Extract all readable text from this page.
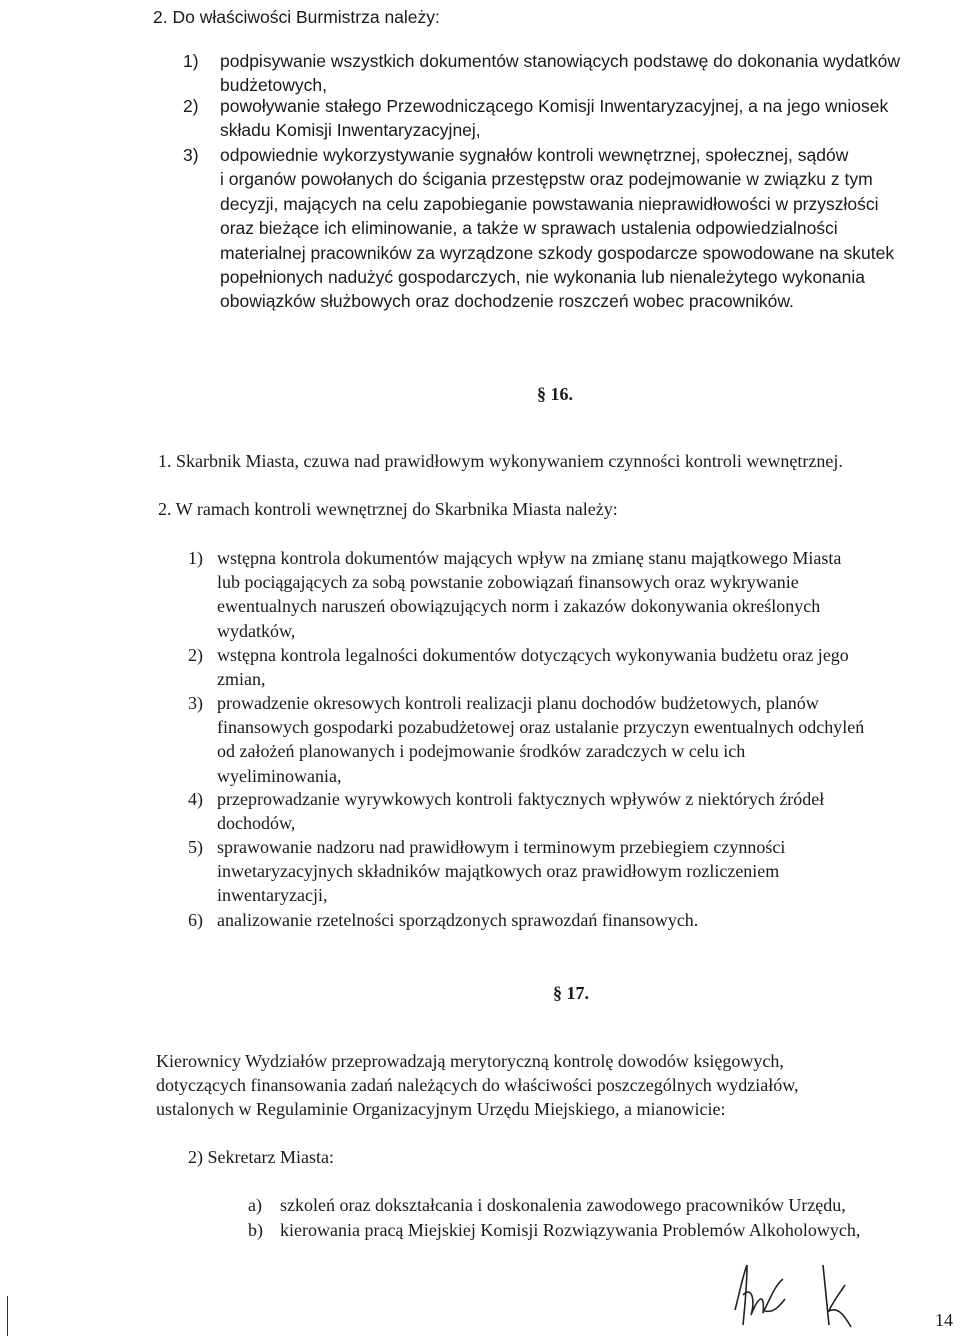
2. Do właściwości Burmistrza należy:
1) podpisywanie wszystkich dokumentów stanowiących podstawę do dokonania wydatków
budżetowych,
2) powoływanie stałego Przewodniczącego Komisji Inwentaryzacyjnej, a na jego wniosek
składu Komisji Inwentaryzacyjnej,
3) odpowiednie wykorzystywanie sygnałów kontroli wewnętrznej, społecznej, sądów
i organów powołanych do ścigania przestępstw oraz podejmowanie w związku z tym
decyzji, mających na celu zapobieganie powstawania nieprawidłowości w przyszłości
oraz bieżące ich eliminowanie, a także w sprawach ustalenia odpowiedzialności
materialnej pracowników za wyrządzone szkody gospodarcze spowodowane na skutek
popełnionych nadużyć gospodarczych, nie wykonania lub nienależytego wykonania
obowiązków służbowych oraz dochodzenie roszczeń wobec pracowników.
§ 16.
1. Skarbnik Miasta, czuwa nad prawidłowym wykonywaniem czynności kontroli wewnętrznej.
2. W ramach kontroli wewnętrznej do Skarbnika Miasta należy:
1) wstępna kontrola dokumentów mających wpływ na zmianę stanu majątkowego Miasta
lub pociągających za sobą powstanie zobowiązań finansowych oraz wykrywanie
ewentualnych naruszeń obowiązujących norm i zakazów dokonywania określonych
wydatków,
2) wstępna kontrola legalności dokumentów dotyczących wykonywania budżetu oraz jego
zmian,
3) prowadzenie okresowych kontroli realizacji planu dochodów budżetowych, planów
finansowych gospodarki pozabudżetowej oraz ustalanie przyczyn ewentualnych odchyleń
od założeń planowanych i podejmowanie środków zaradczych w celu ich
wyeliminowania,
4) przeprowadzanie wyrywkowych kontroli faktycznych wpływów z niektórych źródeł
dochodów,
5) sprawowanie nadzoru nad prawidłowym i terminowym przebiegiem czynności
inwetaryzacyjnych składników majątkowych oraz prawidłowym rozliczeniem
inwentaryzacji,
6) analizowanie rzetelności sporządzonych sprawozdań finansowych.
§ 17.
Kierownicy Wydziałów przeprowadzają merytoryczną kontrolę dowodów księgowych,
dotyczących finansowania zadań należących do właściwości poszczególnych wydziałów,
ustalonych w Regulaminie Organizacyjnym Urzędu Miejskiego, a mianowicie:
2) Sekretarz Miasta:
a) szkoleń oraz dokształcania i doskonalenia zawodowego pracowników Urzędu,
b) kierowania pracą Miejskiej Komisji Rozwiązywania Problemów Alkoholowych,
14
